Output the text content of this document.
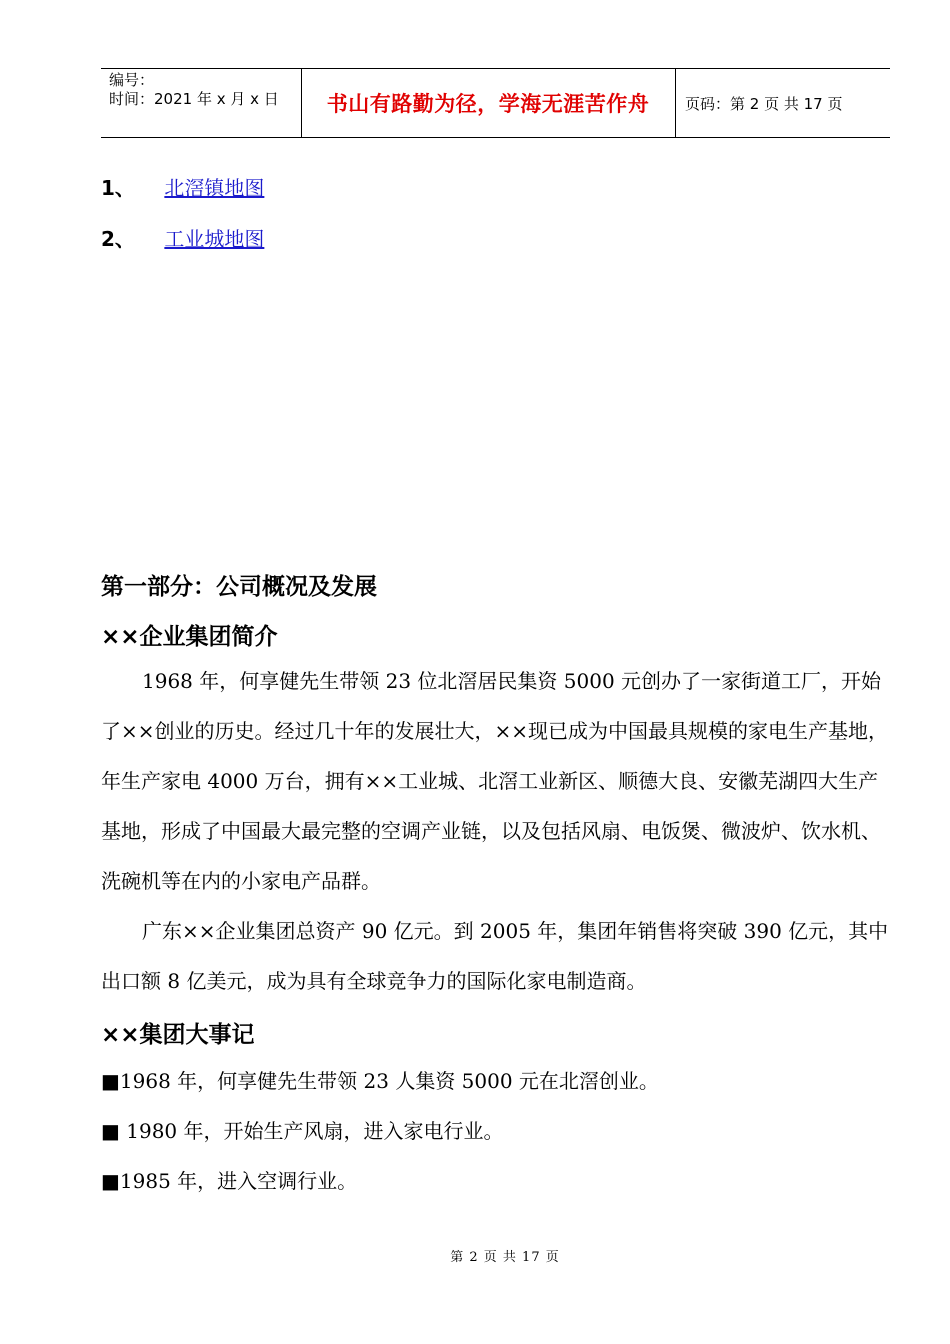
编号：
时间：2021 年 x 月 x 日	书山有路勤为径，学海无涯苦作舟	页码：第 2 页 共 17 页
1、 北滘镇地图
2、 工业城地图
第一部分：公司概况及发展
××企业集团简介
1968 年，何享健先生带领 23 位北滘居民集资 5000 元创办了一家街道工厂，开始了××创业的历史。经过几十年的发展壮大，××现已成为中国最具规模的家电生产基地，年生产家电 4000 万台，拥有××工业城、北滘工业新区、顺德大良、安徽芜湖四大生产基地，形成了中国最大最完整的空调产业链，以及包括风扇、电饭煲、微波炉、饮水机、洗碗机等在内的小家电产品群。
广东××企业集团总资产 90 亿元。到 2005 年，集团年销售将突破 390 亿元，其中出口额 8 亿美元，成为具有全球竞争力的国际化家电制造商。
××集团大事记
■1968 年，何享健先生带领 23 人集资 5000 元在北滘创业。
■ 1980 年，开始生产风扇，进入家电行业。
■1985 年，进入空调行业。
第 2 页 共 17 页
